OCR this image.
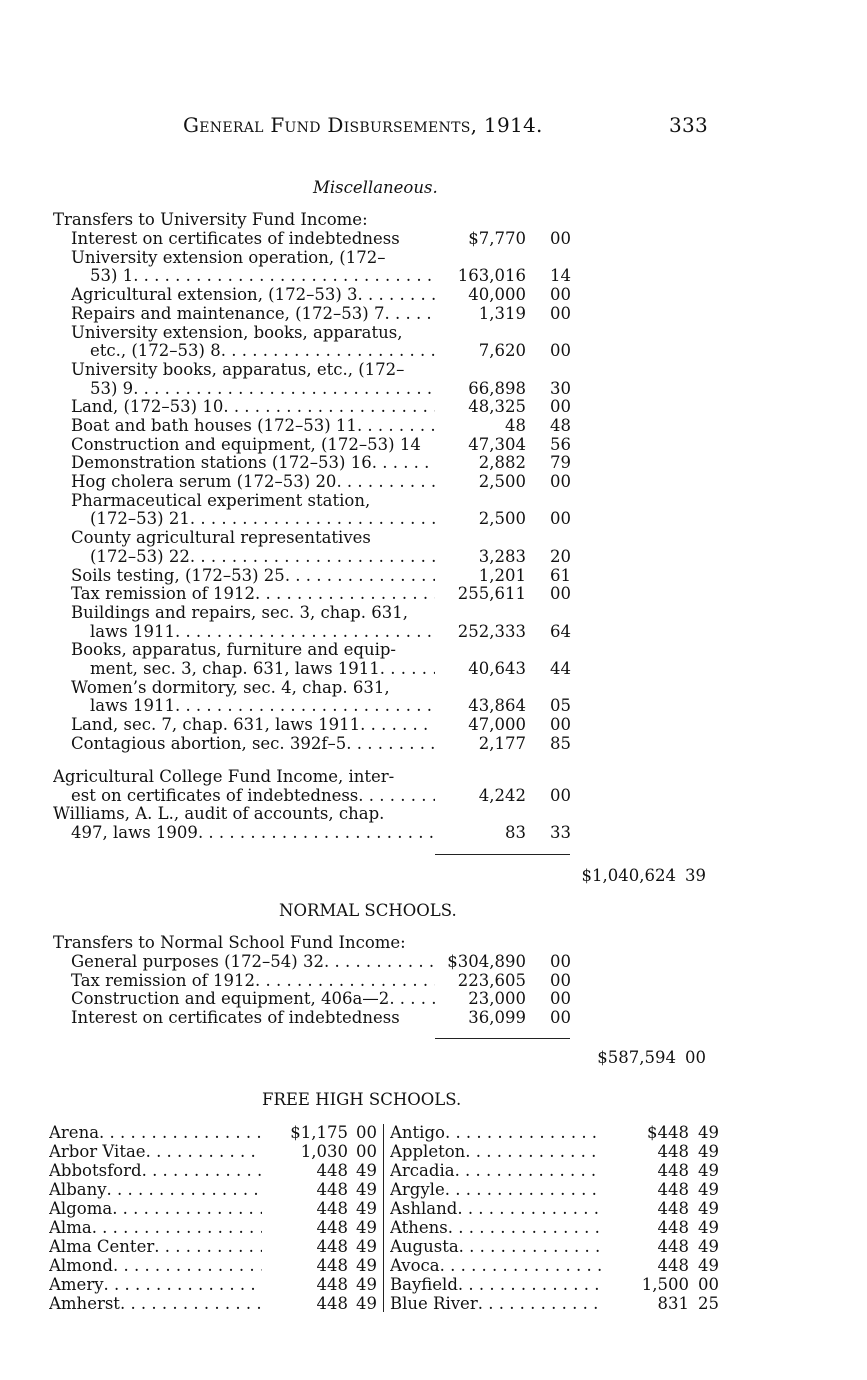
General Fund Disbursements, 1914.	333
Miscellaneous.
Transfers to University Fund Income:
Interest on certificates of indebtedness	$7,770 00
University extension operation, (172–
53) 1 . . .	163,016 14
Agricultural extension, (172–53) 3 . . .	40,000 00
Repairs and maintenance, (172–53) 7 . . .	1,319 00
University extension, books, apparatus,
etc., (172–53) 8 . . .	7,620 00
University books, apparatus, etc., (172–
53) 9 . . .	66,898 30
Land, (172–53) 10 . . .	48,325 00
Boat and bath houses (172–53) 11 . . .	48 48
Construction and equipment, (172–53) 14	47,304 56
Demonstration stations (172–53) 16 . . .	2,882 79
Hog cholera serum (172–53) 20 . . .	2,500 00
Pharmaceutical experiment station,
(172–53) 21 . . .	2,500 00
County agricultural representatives
(172–53) 22 . . .	3,283 20
Soils testing, (172–53) 25 . . .	1,201 61
Tax remission of 1912 . . .	255,611 00
Buildings and repairs, sec. 3, chap. 631,
laws 1911 . . .	252,333 64
Books, apparatus, furniture and equip-
ment, sec. 3, chap. 631, laws 1911 . . .	40,643 44
Women’s dormitory, sec. 4, chap. 631,
laws 1911 . . .	43,864 05
Land, sec. 7, chap. 631, laws 1911 . . .	47,000 00
Contagious abortion, sec. 392f–5 . . .	2,177 85
Agricultural College Fund Income, inter-
est on certificates of indebtedness . . .	4,242 00
Williams, A. L., audit of accounts, chap.
497, laws 1909 . . .	83 33
$1,040,624 39
NORMAL SCHOOLS.
Transfers to Normal School Fund Income:
General purposes (172–54) 32 . . .	$304,890 00
Tax remission of 1912 . . .	223,605 00
Construction and equipment, 406a—2 . . .	23,000 00
Interest on certificates of indebtedness	36,099 00
$587,594 00
FREE HIGH SCHOOLS.
Arena . . .	$1,175 00
Arbor Vitae . . .	1,030 00
Abbotsford . . .	448 49
Albany . . .	448 49
Algoma . . .	448 49
Alma . . .	448 49
Alma Center . . .	448 49
Almond . . .	448 49
Amery . . .	448 49
Amherst . . .	448 49
Antigo . . .	$448 49
Appleton . . .	448 49
Arcadia . . .	448 49
Argyle . . .	448 49
Ashland . . .	448 49
Athens . . .	448 49
Augusta . . .	448 49
Avoca . . .	448 49
Bayfield . . .	1,500 00
Blue River . . .	831 25
